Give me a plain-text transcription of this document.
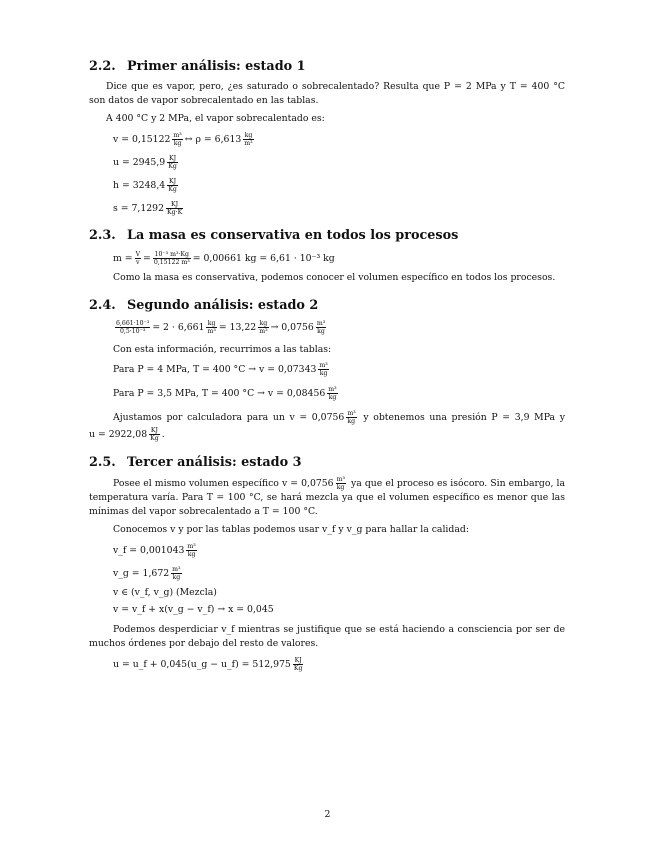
2.2. Primer análisis: estado 1
Dice que es vapor, pero, ¿es saturado o sobrecalentado? Resulta que P = 2 MPa y T = 400 °C
son datos de vapor sobrecalentado en las tablas.
A 400 °C y 2 MPa, el vapor sobrecalentado es:
$v = 0,15122 \frac{\text{m³}}{kg}$ ↔ $\rho = 6,613 \frac{kg}{\text{m³}}$
$u = 2945,9 \frac{KJ}{Kg}$
$h = 3248,4 \frac{KJ}{Kg}$
$s = 7,1292 \frac{KJ}{Kg\cdot K}$
2.3. La masa es conservativa en todos los procesos
$m = \frac{V}{v} = \frac{\text{10⁻³ m³·Kg}}{\text{0,15122 m³}} = 0,00661$ kg = 6,61 · 10⁻³ kg
Como la masa es conservativa, podemos conocer el volumen específico en todos los procesos.
2.4. Segundo análisis: estado 2
$\frac{\text{6,661·10⁻³}}{\text{0,5·10⁻³}} = 2 \cdot 6,661 \frac{kg}{\text{m³}} = 13,22 \frac{kg}{\text{m³}} \to 0,0756 \frac{\text{m³}}{kg}$
Con esta información, recurrimos a las tablas:
Para P = 4 MPa, T = 400 $^\circ C \to v = 0,07343 \frac{\text{m³}}{kg}$
Para P = 3,5 MPa, T = 400 $^\circ C \to v = 0,08456 \frac{\text{m³}}{kg}$
Ajustamos por calculadora para un $v = 0,0756 \frac{\text{m³}}{kg}$ y obtenemos una presión P = 3,9 MPa y
$u = 2922,08 \frac{KJ}{Kg}$ .
2.5. Tercer análisis: estado 3
Posee el mismo volumen específico $v = 0,0756 \frac{\text{m³}}{kg}$ ya que el proceso es isócoro. Sin embargo, la
temperatura varía. Para T = 100 °C, se hará mezcla ya que el volumen específico es menor que las
mínimas del vapor sobrecalentado a T = 100 °C.
Conocemos v y por las tablas podemos usar v_f y v_g para hallar la calidad:
v_f = $0,001043 \frac{\text{m³}}{kg}$
v_g = $1,672 \frac{\text{m³}}{kg}$
v ∈ (v_f, v_g) (Mezcla)
v = v_f + x(v_g − v_f) → x = 0,045
Podemos desperdiciar v_f mientras se justifique que se está haciendo a consciencia por ser de
muchos órdenes por debajo del resto de valores.
u = u_f + 0,045(u_g − u_f) = $512,975 \frac{KJ}{Kg}$
2
